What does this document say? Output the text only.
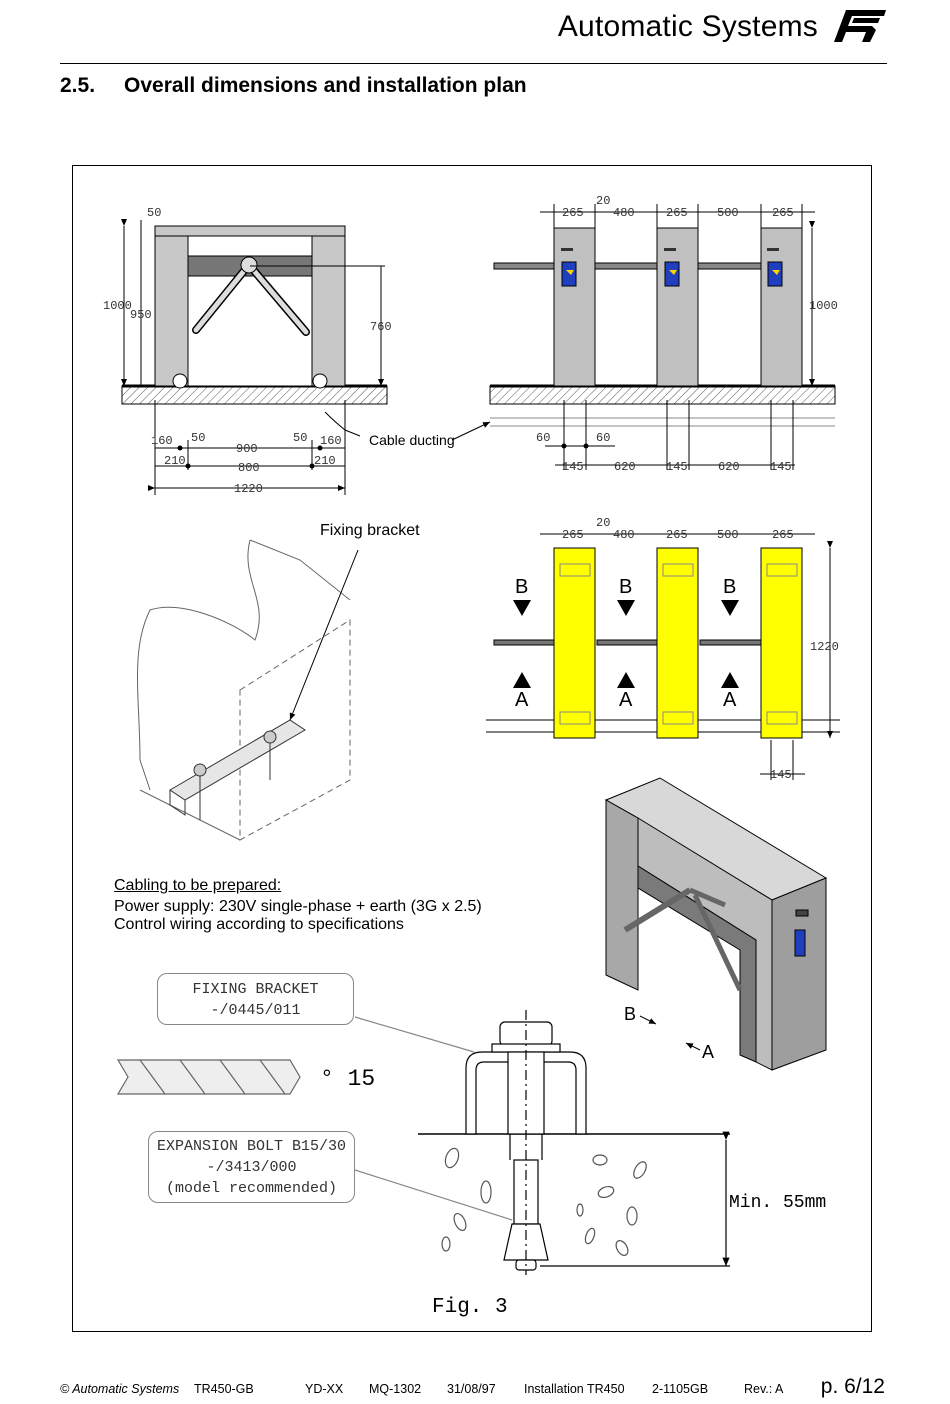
Automatic Systems
2.5. Overall dimensions and installation plan
50
1000
950
760
160 50
900
50 160
210	800	210
1220
265
20
480	265 500	265
1000
60	60
145	620	145	620	145
265
20
480	265 500	265
1220
145
Cable ducting
Fixing bracket
B	B	B
A	A	A
B
A
Cabling to be prepared:
Power supply: 230V single-phase + earth (3G x 2.5)
Control wiring according to specifications
FIXING BRACKET
-/0445/011
EXPANSION BOLT B15/30
-/3413/000
(model recommended)
° 15
Min. 55mm
Fig. 3
© Automatic Systems TR450-GB	YD-XX MQ-1302 31/08/97 Installation TR450 2-1105GB	Rev.: A p. 6/12
